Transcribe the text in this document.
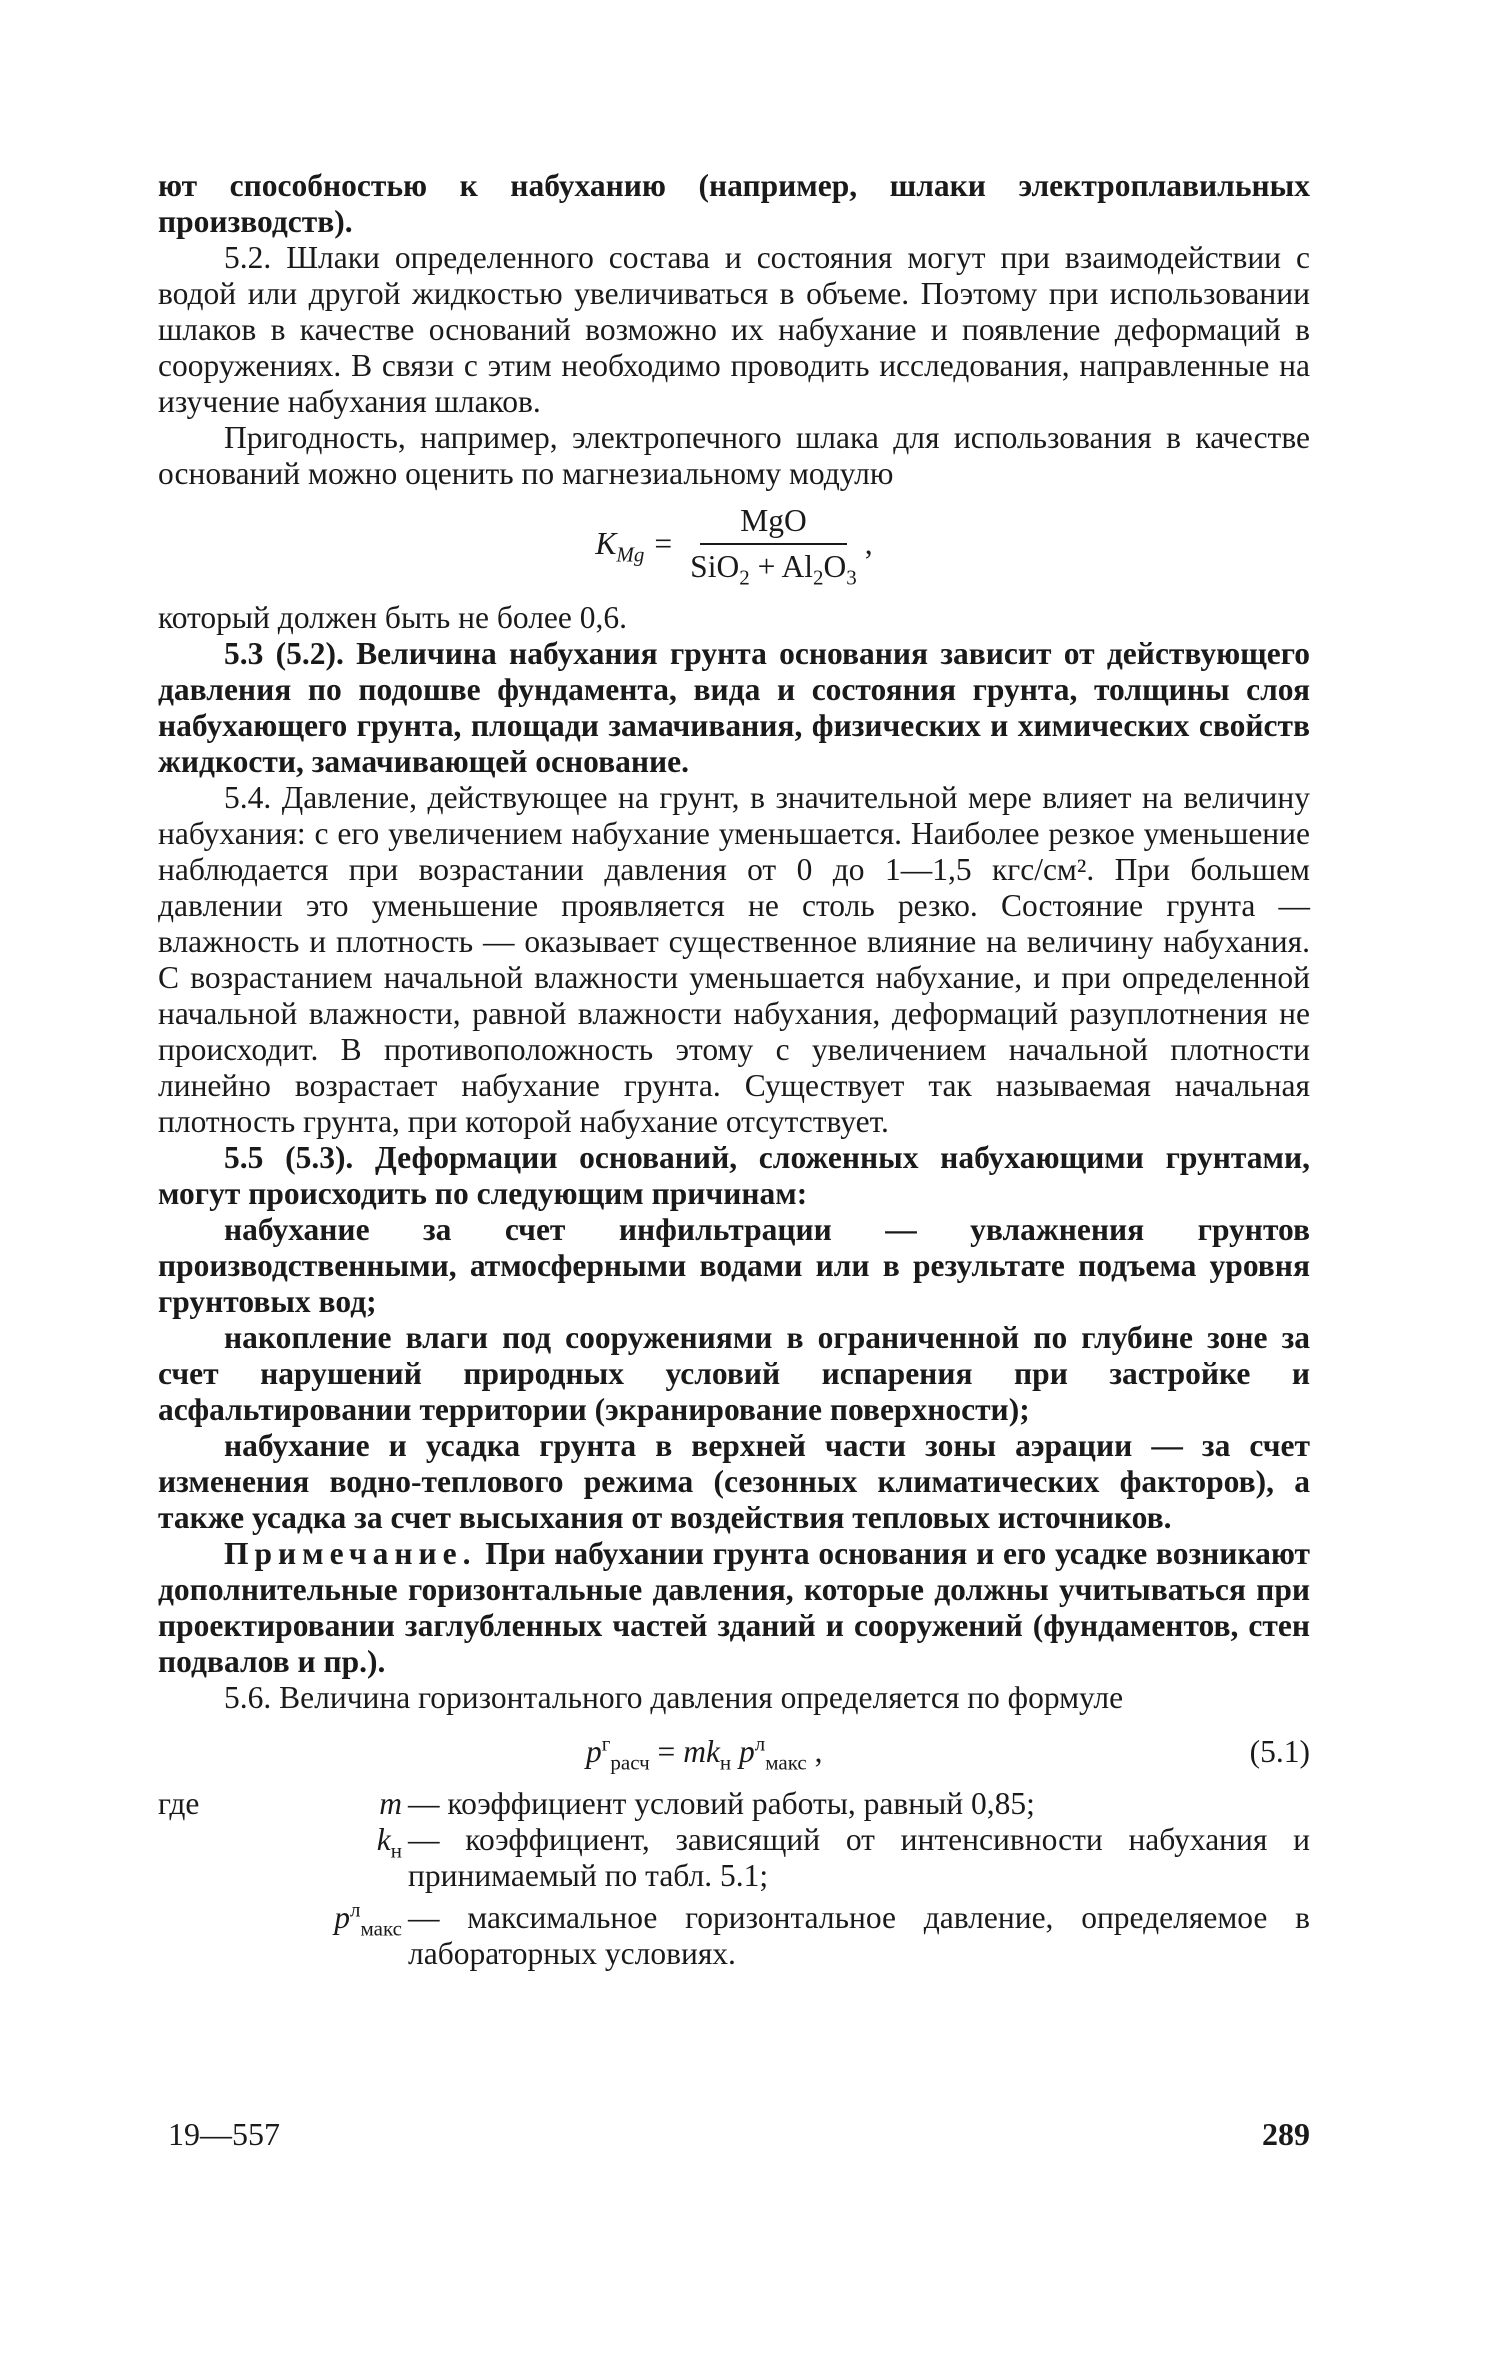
ют способностью к набуханию (например, шлаки электроплавильных производств).

5.2. Шлаки определенного состава и состояния могут при взаимодействии с водой или другой жидкостью увеличиваться в объеме. Поэтому при использовании шлаков в качестве оснований возможно их набухание и появление деформаций в сооружениях. В связи с этим необходимо проводить исследования, направленные на изучение набухания шлаков.

Пригодность, например, электропечного шлака для использования в качестве оснований можно оценить по магнезиальному модулю

$K_{Mg} = \frac{\text{MgO}}{SiO_2 + Al_2O_3}$ ,

который должен быть не более 0,6.

5.3 (5.2). Величина набухания грунта основания зависит от действующего давления по подошве фундамента, вида и состояния грунта, толщины слоя набухающего грунта, площади замачивания, физических и химических свойств жидкости, замачивающей основание.

5.4. Давление, действующее на грунт, в значительной мере влияет на величину набухания: с его увеличением набухание уменьшается. Наиболее резкое уменьшение наблюдается при возрастании давления от 0 до 1—1,5 кгс/см². При большем давлении это уменьшение проявляется не столь резко. Состояние грунта — влажность и плотность — оказывает существенное влияние на величину набухания. С возрастанием начальной влажности уменьшается набухание, и при определенной начальной влажности, равной влажности набухания, деформаций разуплотнения не происходит. В противоположность этому с увеличением начальной плотности линейно возрастает набухание грунта. Существует так называемая начальная плотность грунта, при которой набухание отсутствует.

5.5 (5.3). Деформации оснований, сложенных набухающими грунтами, могут происходить по следующим причинам:

набухание за счет инфильтрации — увлажнения грунтов производственными, атмосферными водами или в результате подъема уровня грунтовых вод;

накопление влаги под сооружениями в ограниченной по глубине зоне за счет нарушений природных условий испарения при застройке и асфальтировании территории (экранирование поверхности);

набухание и усадка грунта в верхней части зоны аэрации — за счет изменения водно-теплового режима (сезонных климатических факторов), а также усадка за счет высыхания от воздействия тепловых источников.

Примечание. При набухании грунта основания и его усадке возникают дополнительные горизонтальные давления, которые должны учитываться при проектировании заглубленных частей зданий и сооружений (фундаментов, стен подвалов и пр.).

5.6. Величина горизонтального давления определяется по формуле

$p^г_{расч} = mk_н$ $p^л_{макс}$ ,	(5.1)
где	m — коэффициент условий работы, равный 0,85;
$k_н$ — коэффициент, зависящий от интенсивности набухания и принимаемый по табл. 5.1;
$p^л_{макс}$ — максимальное горизонтальное давление, определяемое в лабораторных условиях.
19—557	289
